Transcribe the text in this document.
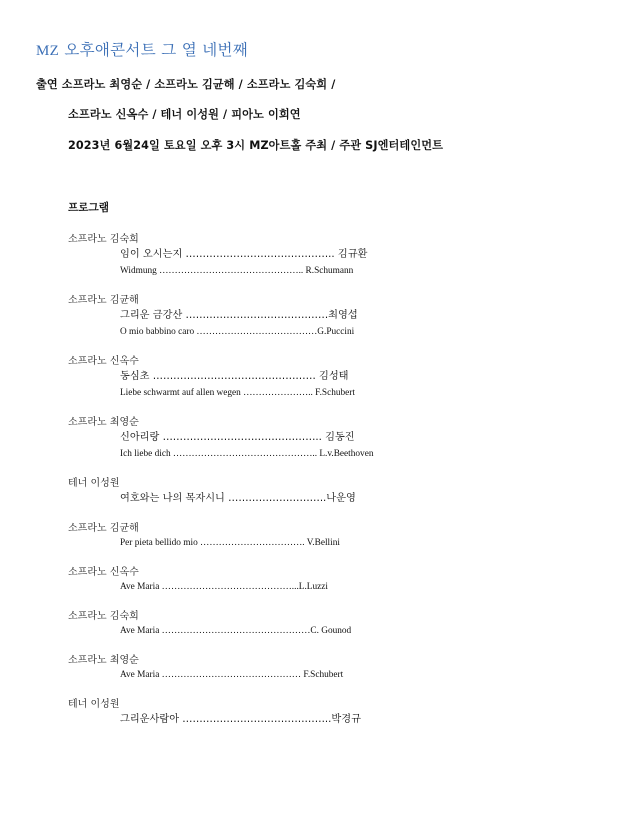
MZ 오후애콘서트 그 열 네번째
출연 소프라노 최영순 / 소프라노 김균해 / 소프라노 김숙희 /
소프라노 신옥수 / 테너 이성원 / 피아노 이희연
2023년 6월24일 토요일 오후 3시 MZ아트홀 주최 / 주관 SJ엔터테인먼트
프로그램
소프라노 김숙희
임이 오시는지 …………………………………….. 김규환
Widmung ……………………………………….. R.Schumann
소프라노 김균해
그리운 금강산 ……………………………………최영섭
O mio babbino caro …………………………………G.Puccini
소프라노 신옥수
동심초 ………………………………………… 김성태
Liebe schwarmt auf allen wegen ………………….. F.Schubert
소프라노 최영순
신아리랑 ……………………………………….. 김동진
Ich liebe dich ……………………………………….. L.v.Beethoven
테너 이성원
여호와는 나의 목자시니 ………………………..나운영
소프라노 김균해
Per pieta bellido mio ……………………………. V.Bellini
소프라노 신옥수
Ave Maria ……………………………………...L.Luzzi
소프라노 김숙희
Ave Maria …………………………………………C. Gounod
소프라노 최영순
Ave Maria ……………………………………… F.Schubert
테너 이성원
그리운사람아 ……………………………………..박경규
